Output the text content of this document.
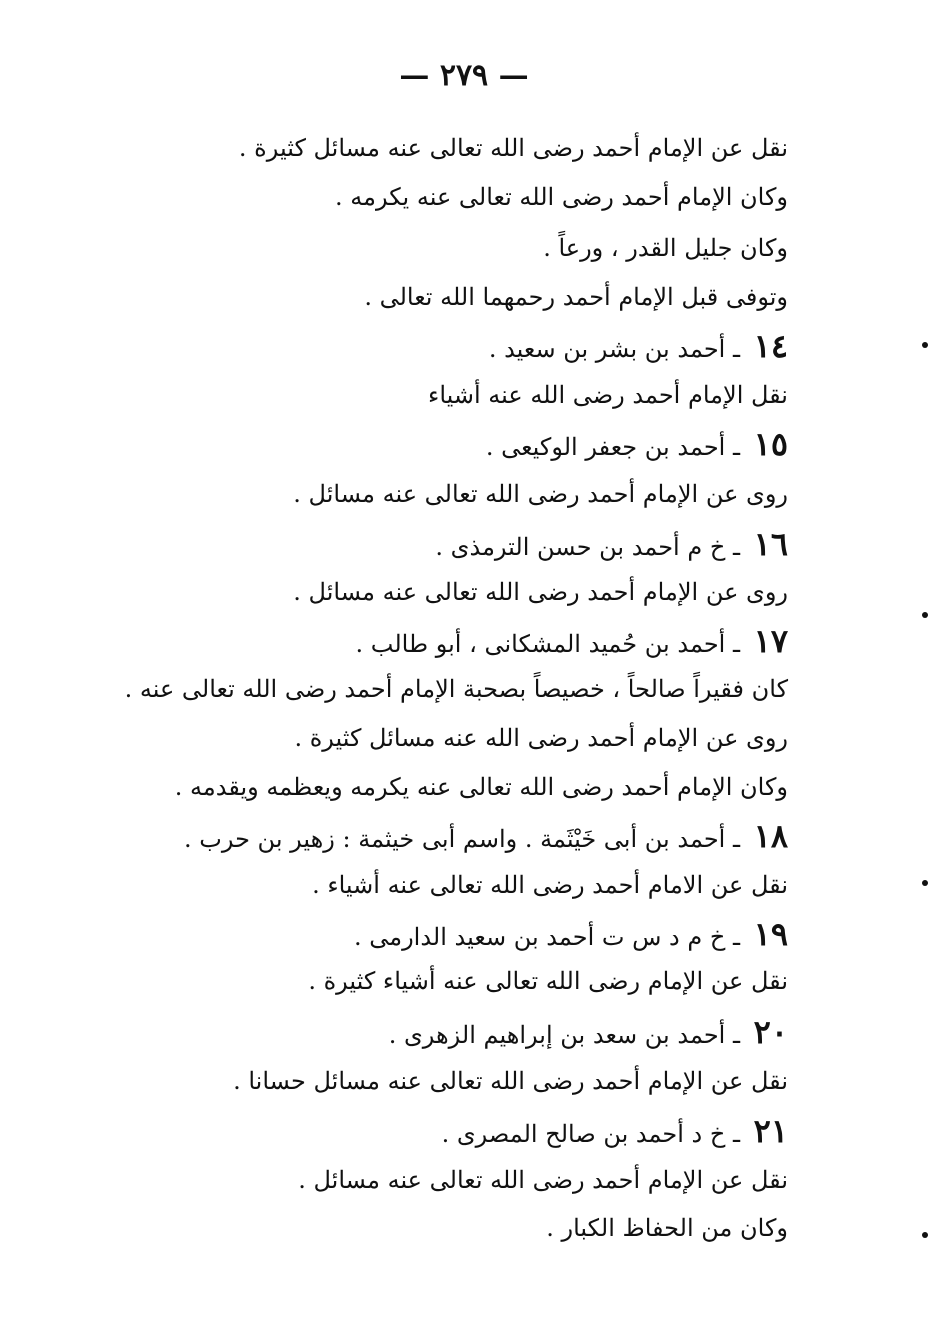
— ٢٧٩ —
نقل عن الإمام أحمد رضى الله تعالى عنه مسائل كثيرة .
وكان الإمام أحمد رضى الله تعالى عنه يكرمه .
وكان جليل القدر ، ورعاً .
وتوفى قبل الإمام أحمد رحمهما الله تعالى .
١٤ ـ أحمد بن بشر بن سعيد .
نقل الإمام أحمد رضى الله عنه أشياء
١٥ ـ أحمد بن جعفر الوكيعى .
روى عن الإمام أحمد رضى الله تعالى عنه مسائل .
١٦ ـ خ م أحمد بن حسن الترمذى .
روى عن الإمام أحمد رضى الله تعالى عنه مسائل .
١٧ ـ أحمد بن حُميد المشكانى ، أبو طالب .
كان فقيراً صالحاً ، خصيصاً بصحبة الإمام أحمد رضى الله تعالى عنه .
روى عن الإمام أحمد رضى الله عنه مسائل كثيرة .
وكان الإمام أحمد رضى الله تعالى عنه يكرمه ويعظمه ويقدمه .
١٨ ـ أحمد بن أبى خَيْثَمة . واسم أبى خيثمة : زهير بن حرب .
نقل عن الامام أحمد رضى الله تعالى عنه أشياء .
١٩ ـ خ م د س ت أحمد بن سعيد الدارمى .
نقل عن الإمام رضى الله تعالى عنه أشياء كثيرة .
٢٠ ـ أحمد بن سعد بن إبراهيم الزهرى .
نقل عن الإمام أحمد رضى الله تعالى عنه مسائل حسانا .
٢١ ـ خ د أحمد بن صالح المصرى .
نقل عن الإمام أحمد رضى الله تعالى عنه مسائل .
وكان من الحفاظ الكبار .
